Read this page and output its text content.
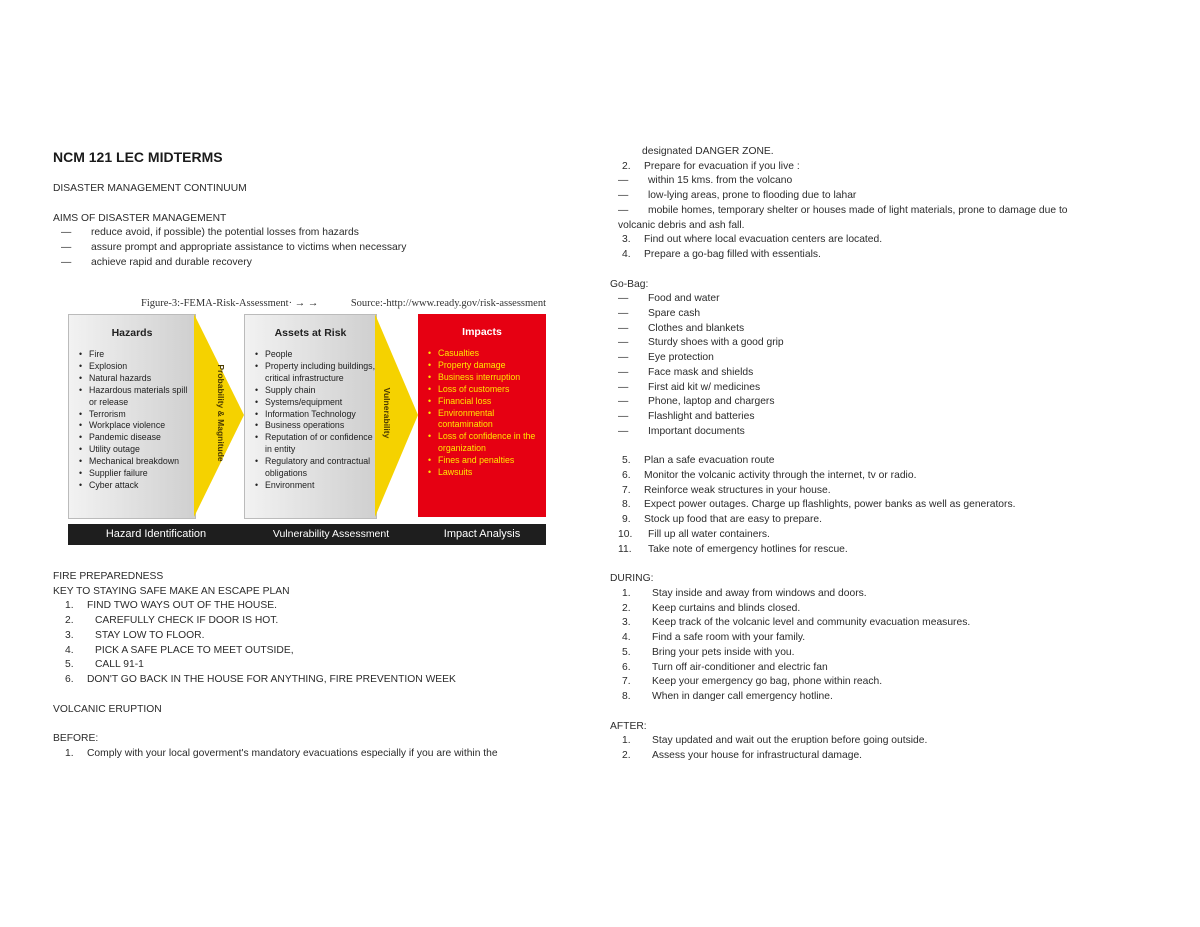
NCM 121 LEC MIDTERMS
DISASTER MANAGEMENT CONTINUUM
AIMS OF DISASTER MANAGEMENT
—	reduce avoid, if possible) the potential losses from hazards
—	assure prompt and appropriate assistance to victims when necessary
—	achieve rapid and durable recovery
Figure-3:-FEMA-Risk-Assessment· → →	Source:-http://www.ready.gov/risk-assessment
Hazards
• Fire
• Explosion
• Natural hazards
• Hazardous materials spill or release
• Terrorism
• Workplace violence
• Pandemic disease
• Utility outage
• Mechanical breakdown
• Supplier failure
• Cyber attack
Probability & Magnitude
Assets at Risk
• People
• Property including buildings, critical infrastructure
• Supply chain
• Systems/equipment
• Information Technology
• Business operations
• Reputation of or confidence in entity
• Regulatory and contractual obligations
• Environment
Vulnerability
Impacts
• Casualties
• Property damage
• Business interruption
• Loss of customers
• Financial loss
• Environmental contamination
• Loss of confidence in the organization
• Fines and penalties
• Lawsuits
Hazard Identification	Vulnerability Assessment	Impact Analysis
FIRE PREPAREDNESS
KEY TO STAYING SAFE MAKE AN ESCAPE PLAN
1.	FIND TWO WAYS OUT OF THE HOUSE.
2.	CAREFULLY CHECK IF DOOR IS HOT.
3.	STAY LOW TO FLOOR.
4.	PICK A SAFE PLACE TO MEET OUTSIDE,
5.	CALL 91-1
6.	DON'T GO BACK IN THE HOUSE FOR ANYTHING, FIRE PREVENTION WEEK
VOLCANIC ERUPTION
BEFORE:
1.	Comply with your local goverment's mandatory evacuations especially if you are within the
designated DANGER ZONE.
2.	Prepare for evacuation if you live :
—	within 15 kms. from the volcano
—	low-lying areas, prone to flooding due to lahar
—	mobile homes, temporary shelter or houses made of light materials, prone to damage due to
volcanic debris and ash fall.
3.	Find out where local evacuation centers are located.
4.	Prepare a go-bag filled with essentials.
Go-Bag:
—	Food and water
—	Spare cash
—	Clothes and blankets
—	Sturdy shoes with a good grip
—	Eye protection
—	Face mask and shields
—	First aid kit w/ medicines
—	Phone, laptop and chargers
—	Flashlight and batteries
—	Important documents
5.	Plan a safe evacuation route
6.	Monitor the volcanic activity through the internet, tv or radio.
7.	Reinforce weak structures in your house.
8.	Expect power outages. Charge up flashlights, power banks as well as generators.
9.	Stock up food that are easy to prepare.
10.	Fill up all water containers.
11.	Take note of emergency hotlines for rescue.
DURING:
1.	Stay inside and away from windows and doors.
2.	Keep curtains and blinds closed.
3.	Keep track of the volcanic level and community evacuation measures.
4.	Find a safe room with your family.
5.	Bring your pets inside with you.
6.	Turn off air-conditioner and electric fan
7.	Keep your emergency go bag, phone within reach.
8.	When in danger call emergency hotline.
AFTER:
1.	Stay updated and wait out the eruption before going outside.
2.	Assess your house for infrastructural damage.
